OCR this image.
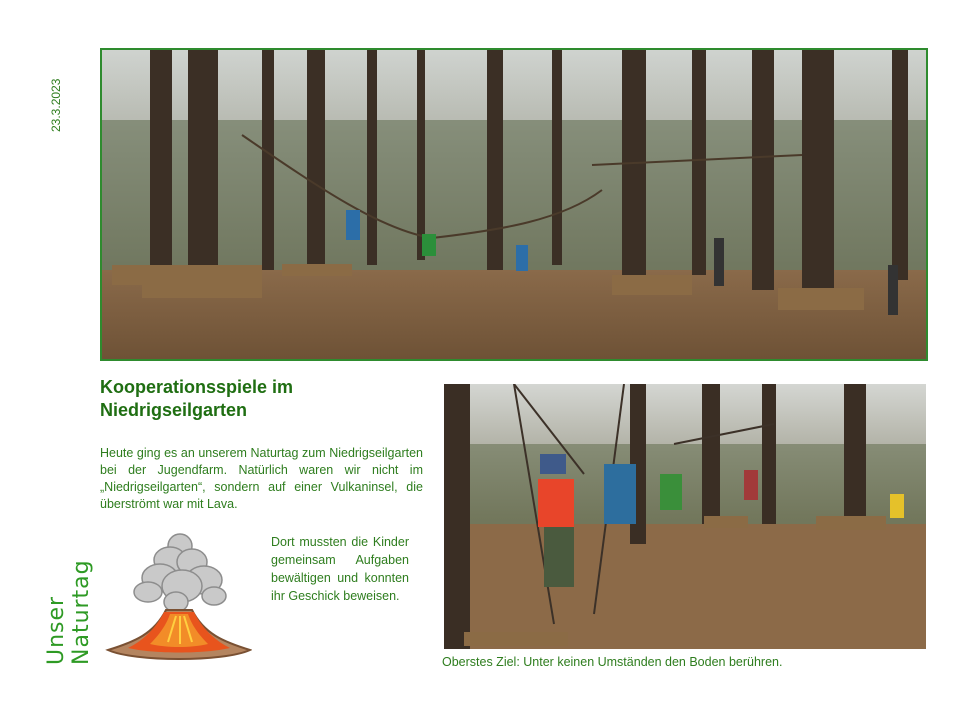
23.3.2023
Kooperationsspiele im Niedrigseilgarten
Heute ging es an unserem Naturtag zum Niedrigseilgarten bei der Jugendfarm. Natürlich waren wir nicht im „Niedrigseilgarten“, sondern auf einer Vulkaninsel, die überströmt war mit Lava.
Dort mussten die Kinder gemeinsam Aufgaben bewältigen und konnten ihr Geschick beweisen.
Oberstes Ziel: Unter keinen Umständen den Boden berühren.
Unser Naturtag
